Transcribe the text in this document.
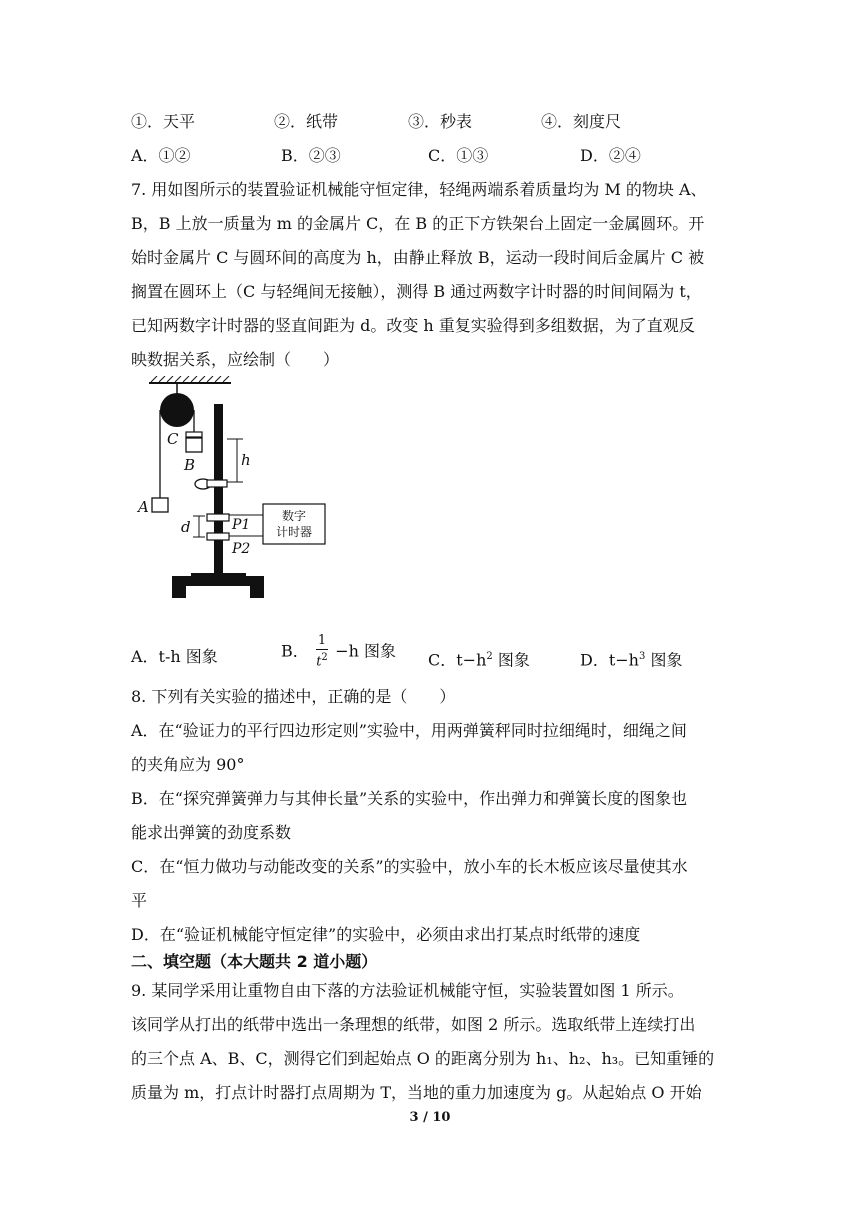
①．天平	②．纸带	③．秒表	④．刻度尺
A．①②	B．②③	C．①③	D．②④
7. 用如图所示的装置验证机械能守恒定律，轻绳两端系着质量均为 M 的物块 A、
B，B 上放一质量为 m 的金属片 C，在 B 的正下方铁架台上固定一金属圆环。开
始时金属片 C 与圆环间的高度为 h，由静止释放 B，运动一段时间后金属片 C 被
搁置在圆环上（C 与轻绳间无接触），测得 B 通过两数字计时器的时间间隔为 t，
已知两数字计时器的竖直间距为 d。改变 h 重复实验得到多组数据，为了直观反
映数据关系，应绘制（　　）
A
C
B	h
d	P1
P2
数字
计时器
A．t-h 图象	B． $\frac{1}{t^2} -h$ 图象 C．$t-h^2$ 图象	D．$t-h^3$ 图象
8. 下列有关实验的描述中，正确的是（　　）
A．在“验证力的平行四边形定则”实验中，用两弹簧秤同时拉细绳时，细绳之间
的夹角应为 90°
B．在“探究弹簧弹力与其伸长量”关系的实验中，作出弹力和弹簧长度的图象也
能求出弹簧的劲度系数
C．在“恒力做功与动能改变的关系”的实验中，放小车的长木板应该尽量使其水
平
D．在“验证机械能守恒定律”的实验中，必须由求出打某点时纸带的速度
二、填空题（本大题共 2 道小题）
9. 某同学采用让重物自由下落的方法验证机械能守恒，实验装置如图 1 所示。
该同学从打出的纸带中选出一条理想的纸带，如图 2 所示。选取纸带上连续打出
的三个点 A、B、C，测得它们到起始点 O 的距离分别为 h₁、h₂、h₃。已知重锤的
质量为 m，打点计时器打点周期为 T，当地的重力加速度为 g。从起始点 O 开始
3 / 10
